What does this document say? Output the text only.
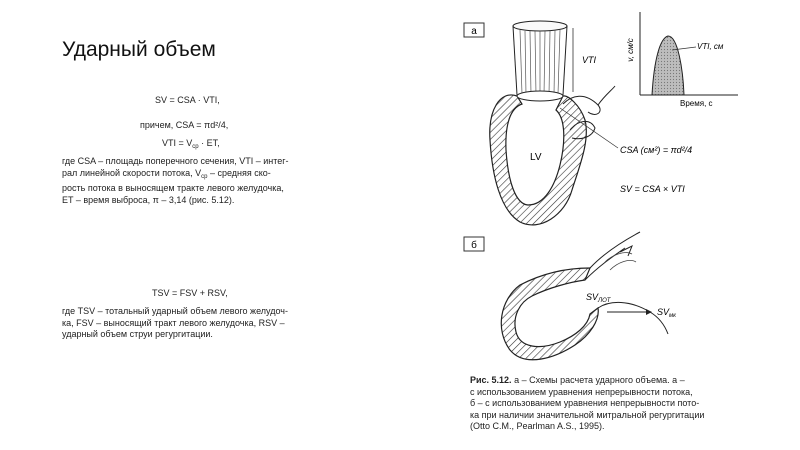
Ударный объем
SV = CSA · VTI,
причем, CSA = πd²/4,
VTI = $V_{ср}$ · ET,
где CSA – площадь поперечного сечения, VTI – интег-
рал линейной скорости потока, $V_{ср}$ – средняя ско-
рость потока в выносящем тракте левого желудочка,
ET – время выброса, π – 3,14 (рис. 5.12).
TSV = FSV + RSV,
где TSV – тотальный ударный объем левого желудоч-
ка, FSV – выносящий тракт левого желудочка, RSV –
ударный объем струи регургитации.
а
б
VTI
LV
v, см/с	VTI, см
Время, с
CSA (см²) = πd²/4
SV = CSA × VTI
$SV_{ЛОТ}$
$SV_{мк}$
Рис. 5.12. а – Схемы расчета ударного объема. а –
с использованием уравнения непрерывности потока,
б – с использованием уравнения непрерывности пото-
ка при наличии значительной митральной регургитации
(Otto C.M., Pearlman A.S., 1995).
